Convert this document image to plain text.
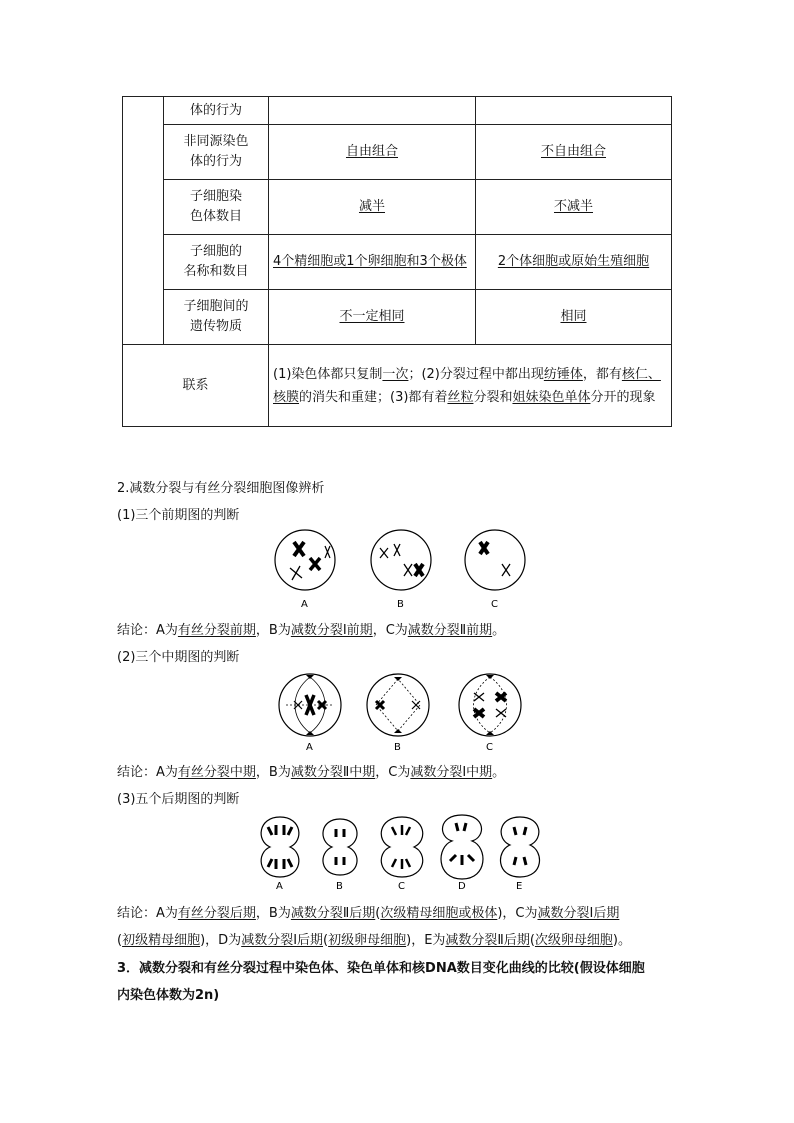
	体的行为		

	非同源染色
体的行为	自由组合	不自由组合

	子细胞染
色体数目	减半	不减半

	子细胞的
名称和数目	4个精细胞或1个卵细胞和3个极体	2个体细胞或原始生殖细胞

	子细胞间的
遗传物质	不一定相同	相同
联系		(1)染色体都只复制一次；(2)分裂过程中都出现纺锤体，都有核仁、核膜的消失和重建；(3)都有着丝粒分裂和姐妹染色单体分开的现象	
2.减数分裂与有丝分裂细胞图像辨析
(1)三个前期图的判断
A	B	C
结论：A为有丝分裂前期，B为减数分裂Ⅰ前期，C为减数分裂Ⅱ前期。
(2)三个中期图的判断
A	B	C
结论：A为有丝分裂中期，B为减数分裂Ⅱ中期，C为减数分裂Ⅰ中期。
(3)五个后期图的判断
A	B	C	D	E
结论：A为有丝分裂后期，B为减数分裂Ⅱ后期(次级精母细胞或极体)，C为减数分裂Ⅰ后期
(初级精母细胞)，D为减数分裂Ⅰ后期(初级卵母细胞)，E为减数分裂Ⅱ后期(次级卵母细胞)。
3．减数分裂和有丝分裂过程中染色体、染色单体和核DNA数目变化曲线的比较(假设体细胞
内染色体数为2n)
